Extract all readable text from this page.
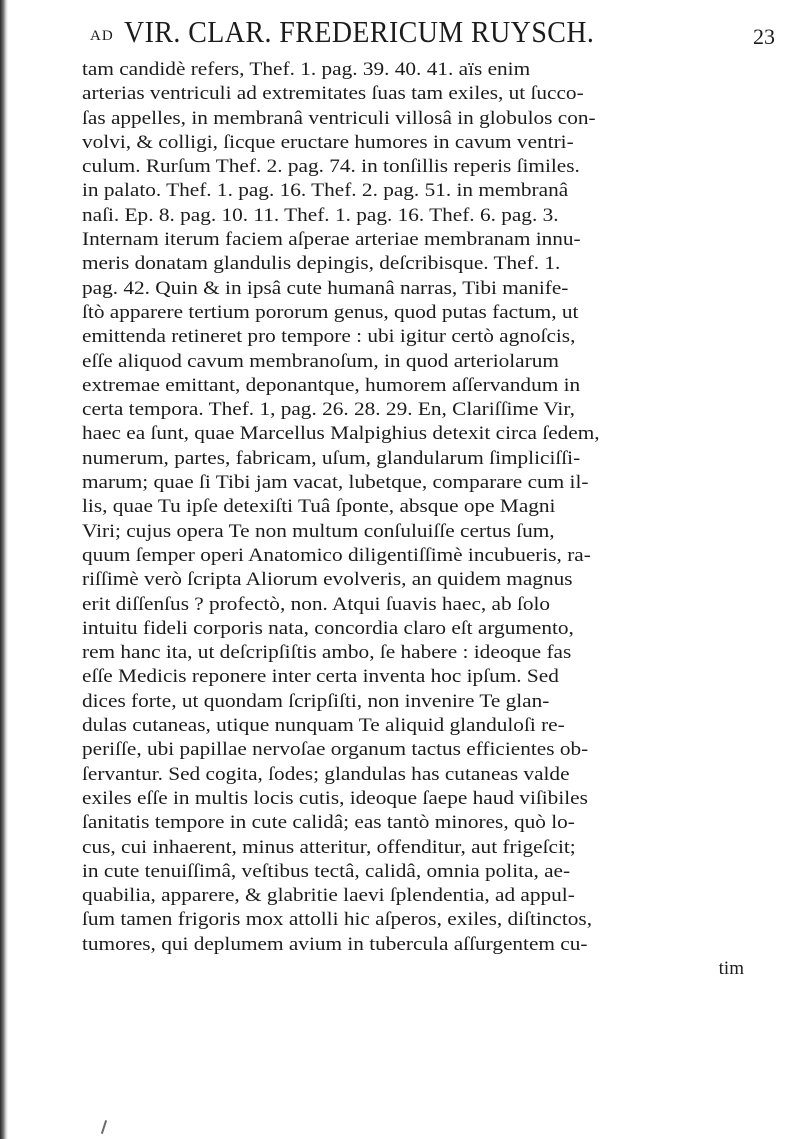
AD VIR. CLAR. FREDERICUM RUYSCH.	23
tam candidè refers, Thef. 1. pag. 39. 40. 41. aïs enim
arterias ventriculi ad extremitates ſuas tam exiles, ut ſucco-
ſas appelles, in membranâ ventriculi villosâ in globulos con-
volvi, & colligi, ſicque eructare humores in cavum ventri-
culum. Rurſum Thef. 2. pag. 74. in tonſillis reperis ſimiles.
in palato. Thef. 1. pag. 16. Thef. 2. pag. 51. in membranâ
naſi. Ep. 8. pag. 10. 11. Thef. 1. pag. 16. Thef. 6. pag. 3.
Internam iterum faciem aſperae arteriae membranam innu-
meris donatam glandulis depingis, deſcribisque. Thef. 1.
pag. 42. Quin & in ipsâ cute humanâ narras, Tibi manife-
ſtò apparere tertium pororum genus, quod putas factum, ut
emittenda retineret pro tempore : ubi igitur certò agnoſcis,
eſſe aliquod cavum membranoſum, in quod arteriolarum
extremae emittant, deponantque, humorem aſſervandum in
certa tempora. Thef. 1, pag. 26. 28. 29. En, Clariſſime Vir,
haec ea ſunt, quae Marcellus Malpighius detexit circa ſedem,
numerum, partes, fabricam, uſum, glandularum ſimpliciſſi-
marum; quae ſi Tibi jam vacat, lubetque, comparare cum il-
lis, quae Tu ipſe detexiſti Tuâ ſponte, absque ope Magni
Viri; cujus opera Te non multum conſuluiſſe certus ſum,
quum ſemper operi Anatomico diligentiſſimè incubueris, ra-
riſſimè verò ſcripta Aliorum evolveris, an quidem magnus
erit diſſenſus ? profectò, non. Atqui ſuavis haec, ab ſolo
intuitu fideli corporis nata, concordia claro eſt argumento,
rem hanc ita, ut deſcripſiſtis ambo, ſe habere : ideoque fas
eſſe Medicis reponere inter certa inventa hoc ipſum. Sed
dices forte, ut quondam ſcripſiſti, non invenire Te glan-
dulas cutaneas, utique nunquam Te aliquid glanduloſi re-
periſſe, ubi papillae nervoſae organum tactus efficientes ob-
ſervantur. Sed cogita, ſodes; glandulas has cutaneas valde
exiles eſſe in multis locis cutis, ideoque ſaepe haud viſibiles
ſanitatis tempore in cute calidâ; eas tantò minores, quò lo-
cus, cui inhaerent, minus atteritur, offenditur, aut frigeſcit;
in cute tenuiſſimâ, veſtibus tectâ, calidâ, omnia polita, ae-
quabilia, apparere, & glabritie laevi ſplendentia, ad appul-
ſum tamen frigoris mox attolli hic aſperos, exiles, diſtinctos,
tumores, qui deplumem avium in tubercula aſſurgentem cu-
tim
